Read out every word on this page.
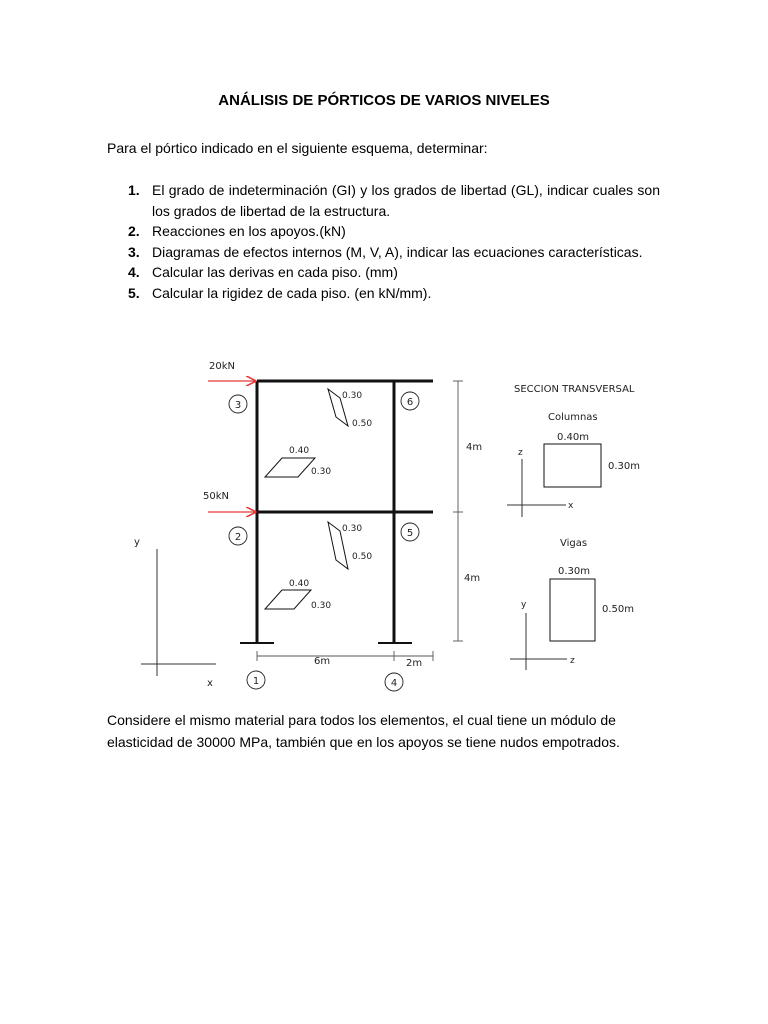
ANÁLISIS DE PÓRTICOS DE VARIOS NIVELES

Para el pórtico indicado en el siguiente esquema, determinar:

1. El grado de indeterminación (GI) y los grados de libertad (GL), indicar cuales son los grados de libertad de la estructura.
2. Reacciones en los apoyos.(kN)
3. Diagramas de efectos internos (M, V, A), indicar las ecuaciones características.
4. Calcular las derivas en cada piso. (mm)
5. Calcular la rigidez de cada piso. (en kN/mm).
20kN
50kN
3
2
1
6
5
4
0.30
0.50
0.40
0.30
0.30
0.50
0.40
0.30
4m
4m
6m	2m
y
x
SECCION TRANSVERSAL
Columnas
0.40m
0.30m
z
x
Vigas
0.30m
0.50m
y
z

Considere el mismo material para todos los elementos, el cual tiene un módulo de elasticidad de 30000 MPa, también que en los apoyos se tiene nudos empotrados.
